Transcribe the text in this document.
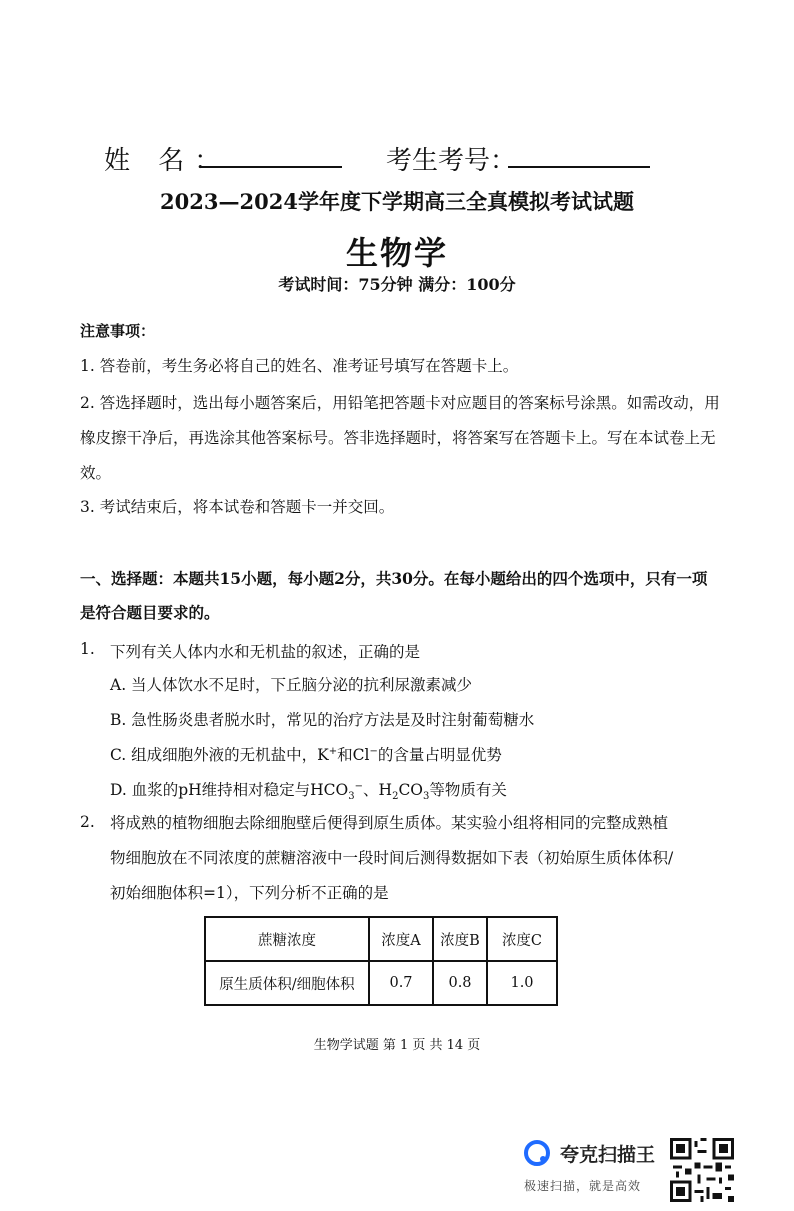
姓 名：	考生考号：
2023—2024学年度下学期高三全真模拟考试试题
生物学
考试时间：75分钟 满分：100分
注意事项：
1. 答卷前，考生务必将自己的姓名、准考证号填写在答题卡上。
2. 答选择题时，选出每小题答案后，用铅笔把答题卡对应题目的答案标号涂黑。如需改动，用橡皮擦干净后，再选涂其他答案标号。答非选择题时，将答案写在答题卡上。写在本试卷上无效。
3. 考试结束后，将本试卷和答题卡一并交回。
一、选择题：本题共15小题，每小题2分，共30分。在每小题给出的四个选项中，只有一项是符合题目要求的。
1. 下列有关人体内水和无机盐的叙述，正确的是
A. 当人体饮水不足时，下丘脑分泌的抗利尿激素减少
B. 急性肠炎患者脱水时，常见的治疗方法是及时注射葡萄糖水
C. 组成细胞外液的无机盐中，K+和Cl−的含量占明显优势
D. 血浆的pH维持相对稳定与$HCO_3^-$、$H_2CO_3$等物质有关
2. 将成熟的植物细胞去除细胞壁后便得到原生质体。某实验小组将相同的完整成熟植物细胞放在不同浓度的蔗糖溶液中一段时间后测得数据如下表（初始原生质体体积/初始细胞体积=1），下列分析不正确的是
蔗糖浓度	浓度A	浓度B	浓度C
原生质体积/细胞体积	0.7	0.8	1.0
生物学试题 第 1 页 共 14 页
夸克扫描王
极速扫描，就是高效
